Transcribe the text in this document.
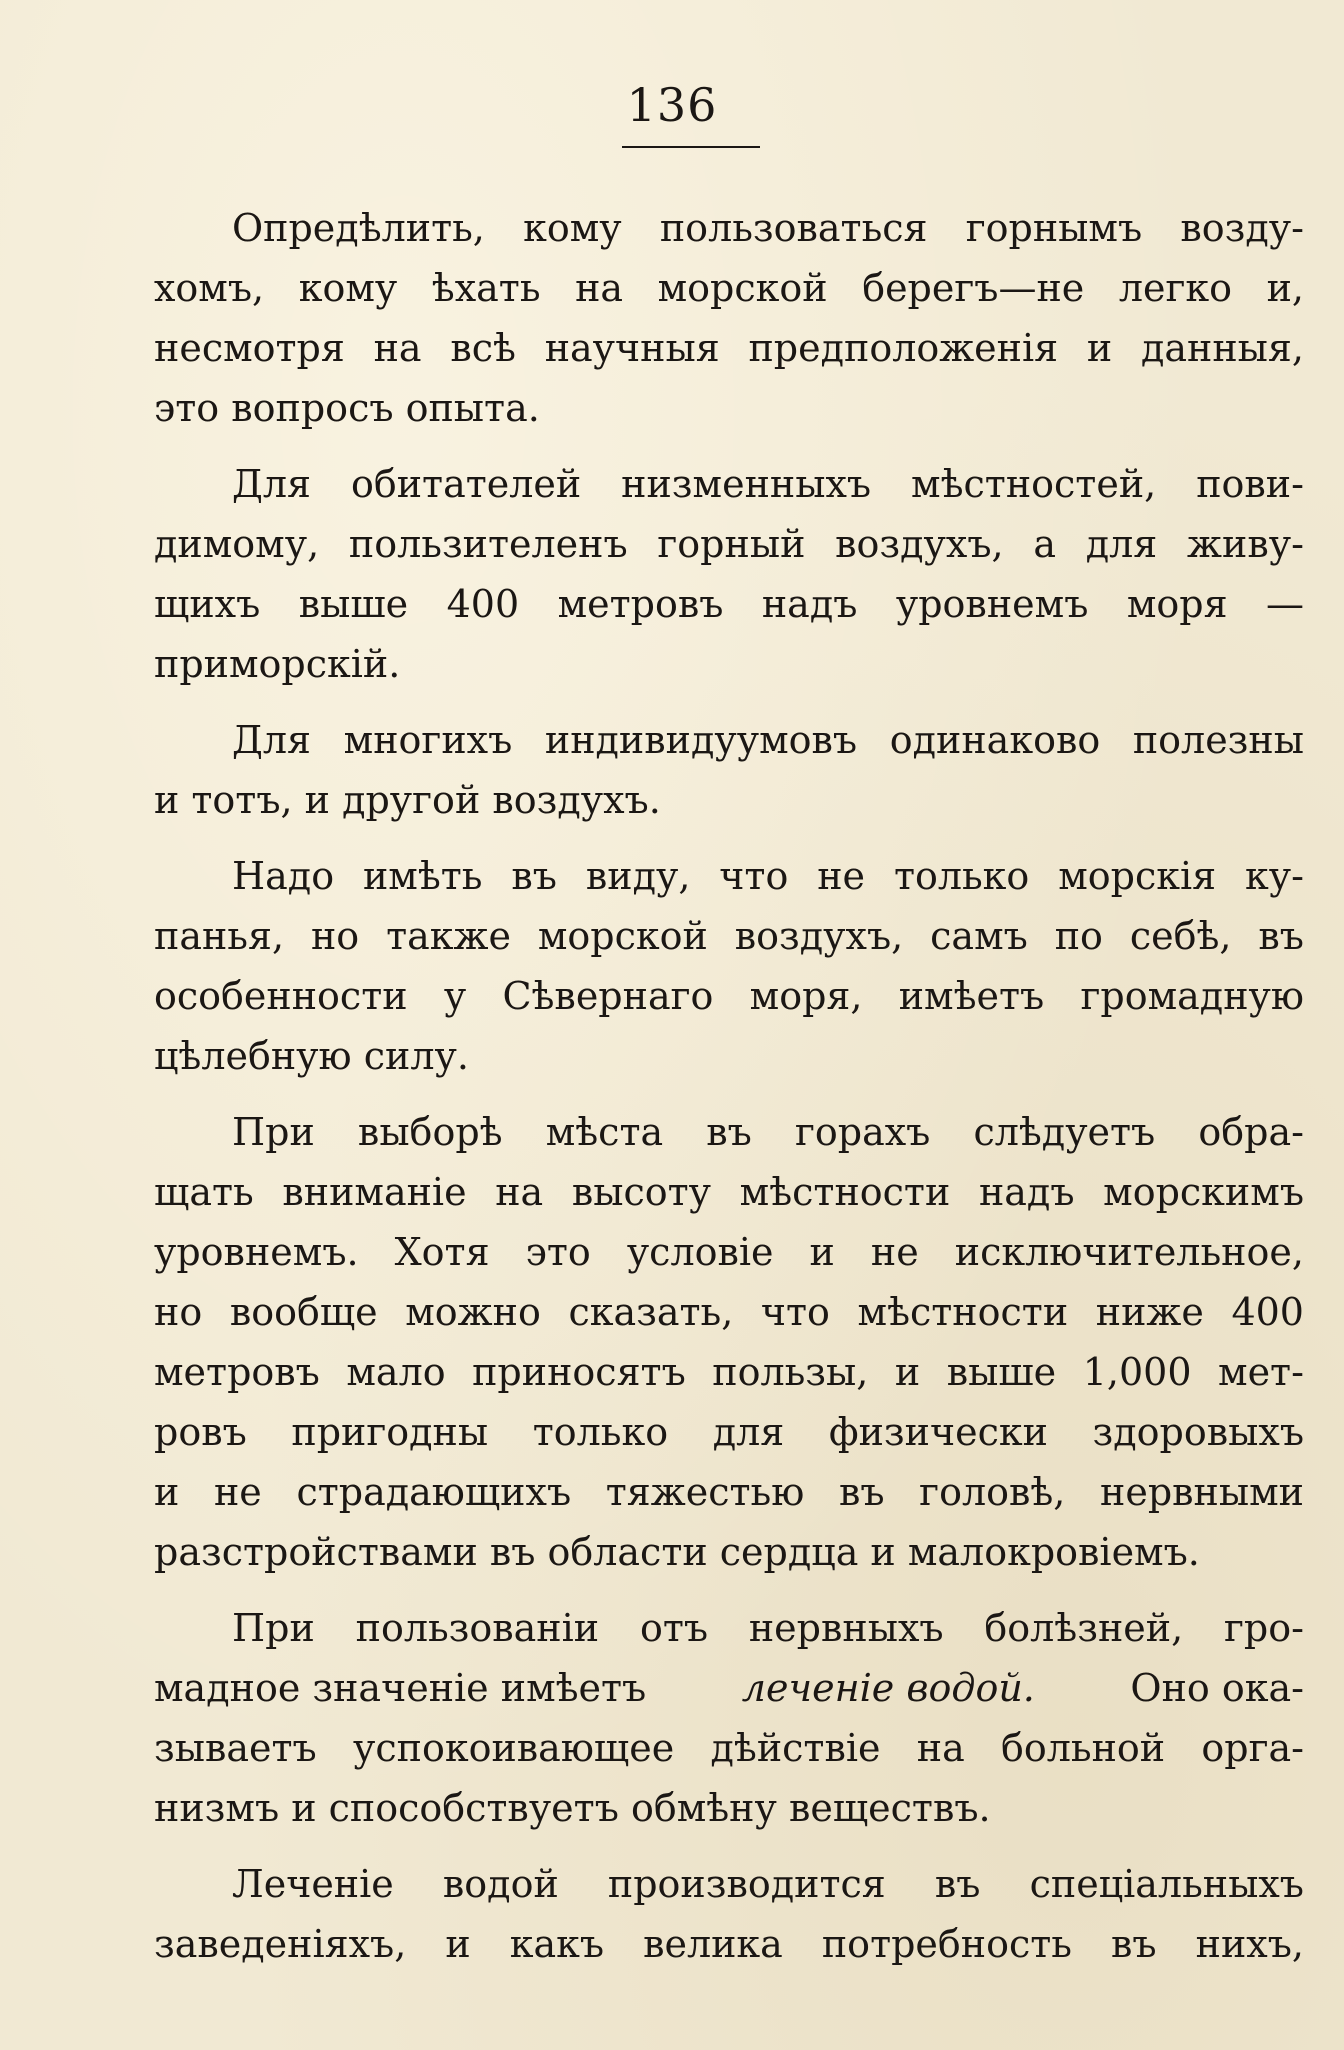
136
Опредѣлить, кому пользоваться горнымъ возду-
хомъ, кому ѣхать на морской берегъ—не легко и,
несмотря на всѣ научныя предположенія и данныя,
это вопросъ опыта.
Для обитателей низменныхъ мѣстностей, пови-
димому, пользителенъ горный воздухъ, а для живу-
щихъ выше 400 метровъ надъ уровнемъ моря —
приморскій.
Для многихъ индивидуумовъ одинаково полезны
и тотъ, и другой воздухъ.
Надо имѣть въ виду, что не только морскія ку-
панья, но также морской воздухъ, самъ по себѣ, въ
особенности у Сѣвернаго моря, имѣетъ громадную
цѣлебную силу.
При выборѣ мѣста въ горахъ слѣдуетъ обра-
щать вниманіе на высоту мѣстности надъ морскимъ
уровнемъ. Хотя это условіе и не исключительное,
но вообще можно сказать, что мѣстности ниже 400
метровъ мало приносятъ пользы, и выше 1,000 мет-
ровъ пригодны только для физически здоровыхъ
и не страдающихъ тяжестью въ головѣ, нервными
разстройствами въ области сердца и малокровіемъ.
При пользованіи отъ нервныхъ болѣзней, гро-
мадное значеніе имѣетъ	леченіе водой.	Оно ока-
зываетъ успокоивающее дѣйствіе на больной орга-
низмъ и способствуетъ обмѣну веществъ.
Леченіе водой производится въ спеціальныхъ
заведеніяхъ, и какъ велика потребность въ нихъ,
